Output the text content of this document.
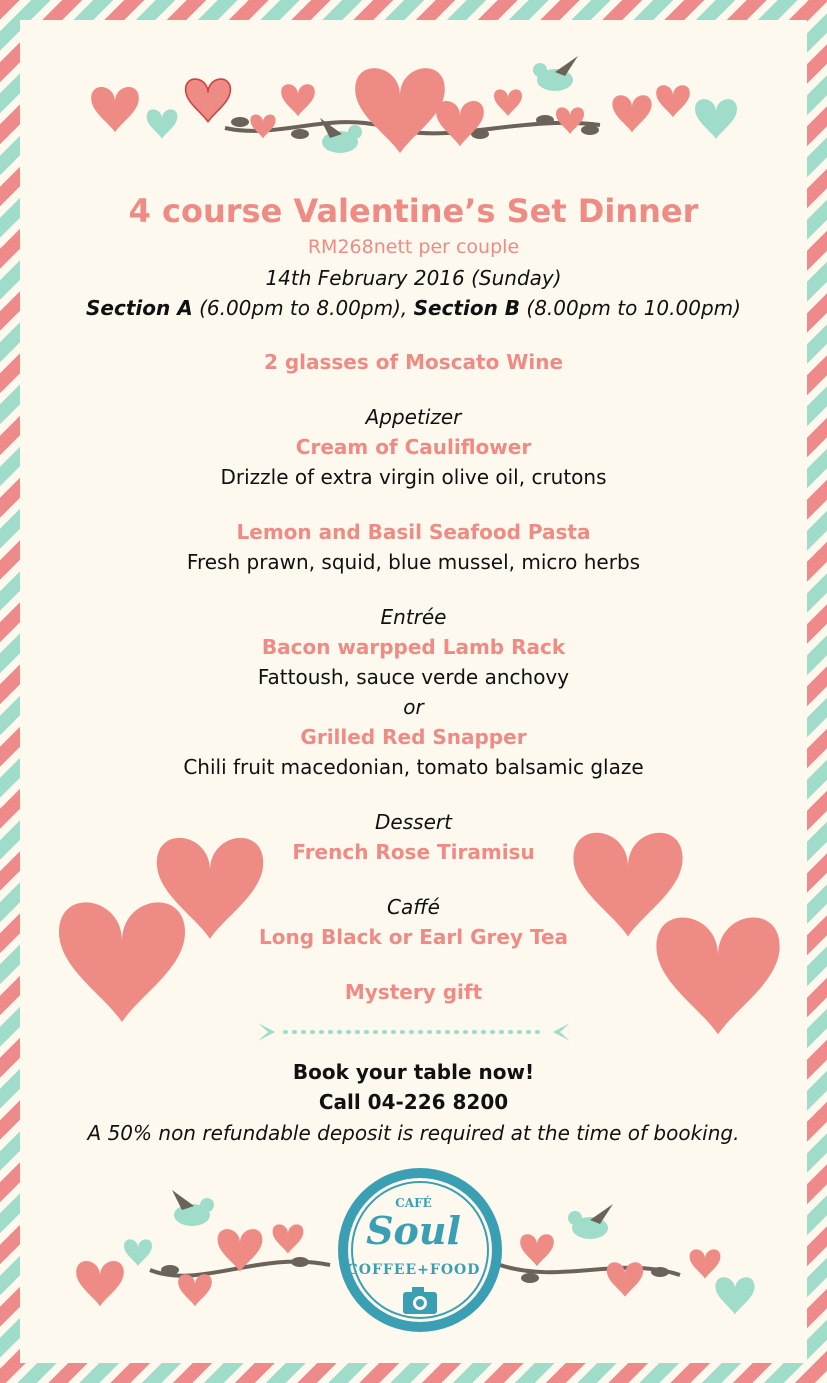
CAFÉ
Soul
COFFEE+FOOD
4 course Valentine’s Set Dinner
RM268nett per couple
14th February 2016 (Sunday)
Section A (6.00pm to 8.00pm), Section B (8.00pm to 10.00pm)
2 glasses of Moscato Wine
Appetizer
Cream of Cauliflower
Drizzle of extra virgin olive oil, crutons
Lemon and Basil Seafood Pasta
Fresh prawn, squid, blue mussel, micro herbs
Entrée
Bacon warpped Lamb Rack
Fattoush, sauce verde anchovy
or
Grilled Red Snapper
Chili fruit macedonian, tomato balsamic glaze
Dessert
French Rose Tiramisu
Caffé
Long Black or Earl Grey Tea
Mystery gift
Book your table now!
Call 04-226 8200
A 50% non refundable deposit is required at the time of booking.
